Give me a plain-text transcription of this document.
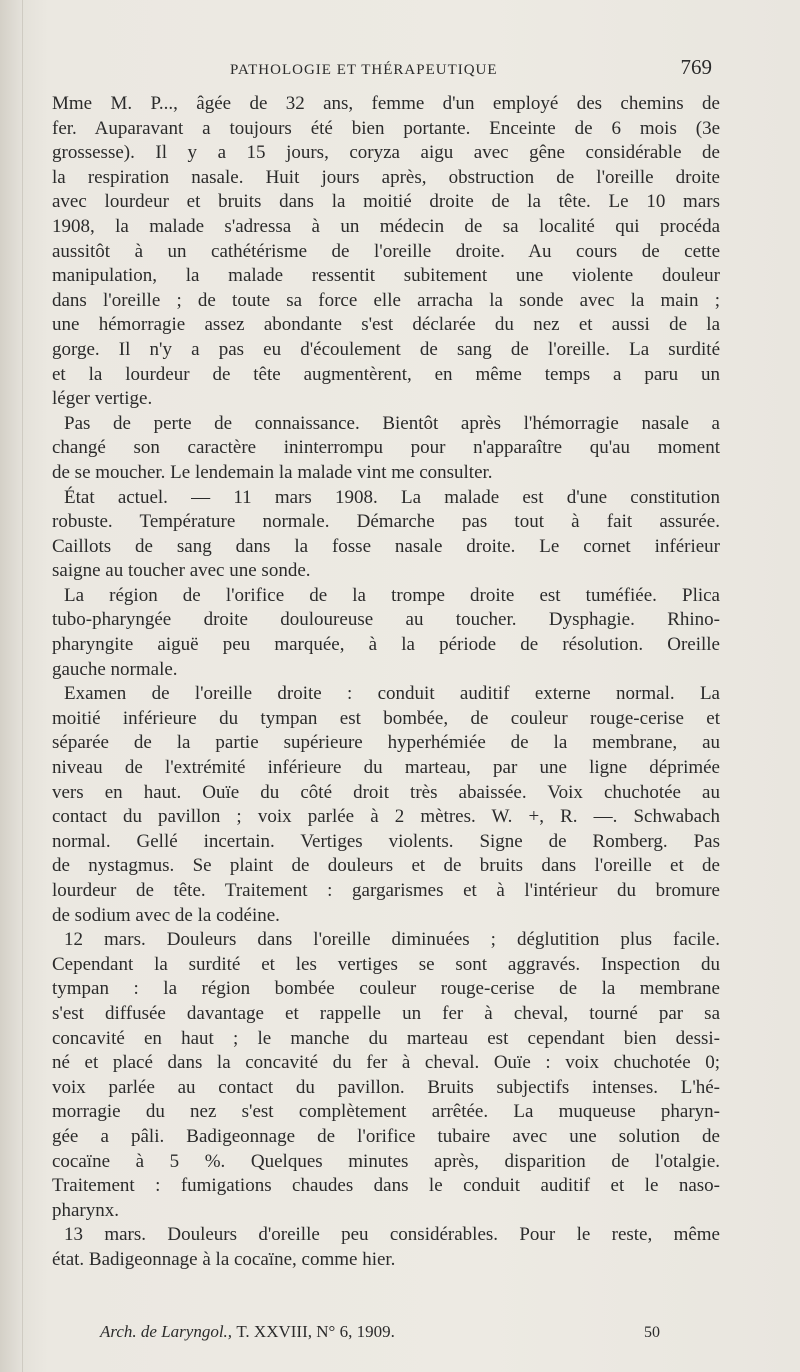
PATHOLOGIE ET THÉRAPEUTIQUE	769
Mme M. P..., âgée de 32 ans, femme d'un employé des chemins de
fer. Auparavant a toujours été bien portante. Enceinte de 6 mois (3e
grossesse). Il y a 15 jours, coryza aigu avec gêne considérable de
la respiration nasale. Huit jours après, obstruction de l'oreille droite
avec lourdeur et bruits dans la moitié droite de la tête. Le 10 mars
1908, la malade s'adressa à un médecin de sa localité qui procéda
aussitôt à un cathétérisme de l'oreille droite. Au cours de cette
manipulation, la malade ressentit subitement une violente douleur
dans l'oreille ; de toute sa force elle arracha la sonde avec la main ;
une hémorragie assez abondante s'est déclarée du nez et aussi de la
gorge. Il n'y a pas eu d'écoulement de sang de l'oreille. La surdité
et la lourdeur de tête augmentèrent, en même temps a paru un
léger vertige.
Pas de perte de connaissance. Bientôt après l'hémorragie nasale a
changé son caractère ininterrompu pour n'apparaître qu'au moment
de se moucher. Le lendemain la malade vint me consulter.
État actuel. — 11 mars 1908. La malade est d'une constitution
robuste. Température normale. Démarche pas tout à fait assurée.
Caillots de sang dans la fosse nasale droite. Le cornet inférieur
saigne au toucher avec une sonde.
La région de l'orifice de la trompe droite est tuméfiée. Plica
tubo-pharyngée droite douloureuse au toucher. Dysphagie. Rhino-
pharyngite aiguë peu marquée, à la période de résolution. Oreille
gauche normale.
Examen de l'oreille droite : conduit auditif externe normal. La
moitié inférieure du tympan est bombée, de couleur rouge-cerise et
séparée de la partie supérieure hyperhémiée de la membrane, au
niveau de l'extrémité inférieure du marteau, par une ligne déprimée
vers en haut. Ouïe du côté droit très abaissée. Voix chuchotée au
contact du pavillon ; voix parlée à 2 mètres. W. +, R. —. Schwabach
normal. Gellé incertain. Vertiges violents. Signe de Romberg. Pas
de nystagmus. Se plaint de douleurs et de bruits dans l'oreille et de
lourdeur de tête. Traitement : gargarismes et à l'intérieur du bromure
de sodium avec de la codéine.
12 mars. Douleurs dans l'oreille diminuées ; déglutition plus facile.
Cependant la surdité et les vertiges se sont aggravés. Inspection du
tympan : la région bombée couleur rouge-cerise de la membrane
s'est diffusée davantage et rappelle un fer à cheval, tourné par sa
concavité en haut ; le manche du marteau est cependant bien dessi-
né et placé dans la concavité du fer à cheval. Ouïe : voix chuchotée 0;
voix parlée au contact du pavillon. Bruits subjectifs intenses. L'hé-
morragie du nez s'est complètement arrêtée. La muqueuse pharyn-
gée a pâli. Badigeonnage de l'orifice tubaire avec une solution de
cocaïne à 5 %. Quelques minutes après, disparition de l'otalgie.
Traitement : fumigations chaudes dans le conduit auditif et le naso-
pharynx.
13 mars. Douleurs d'oreille peu considérables. Pour le reste, même
état. Badigeonnage à la cocaïne, comme hier.
Arch. de Laryngol., T. XXVIII, N° 6, 1909.	50
